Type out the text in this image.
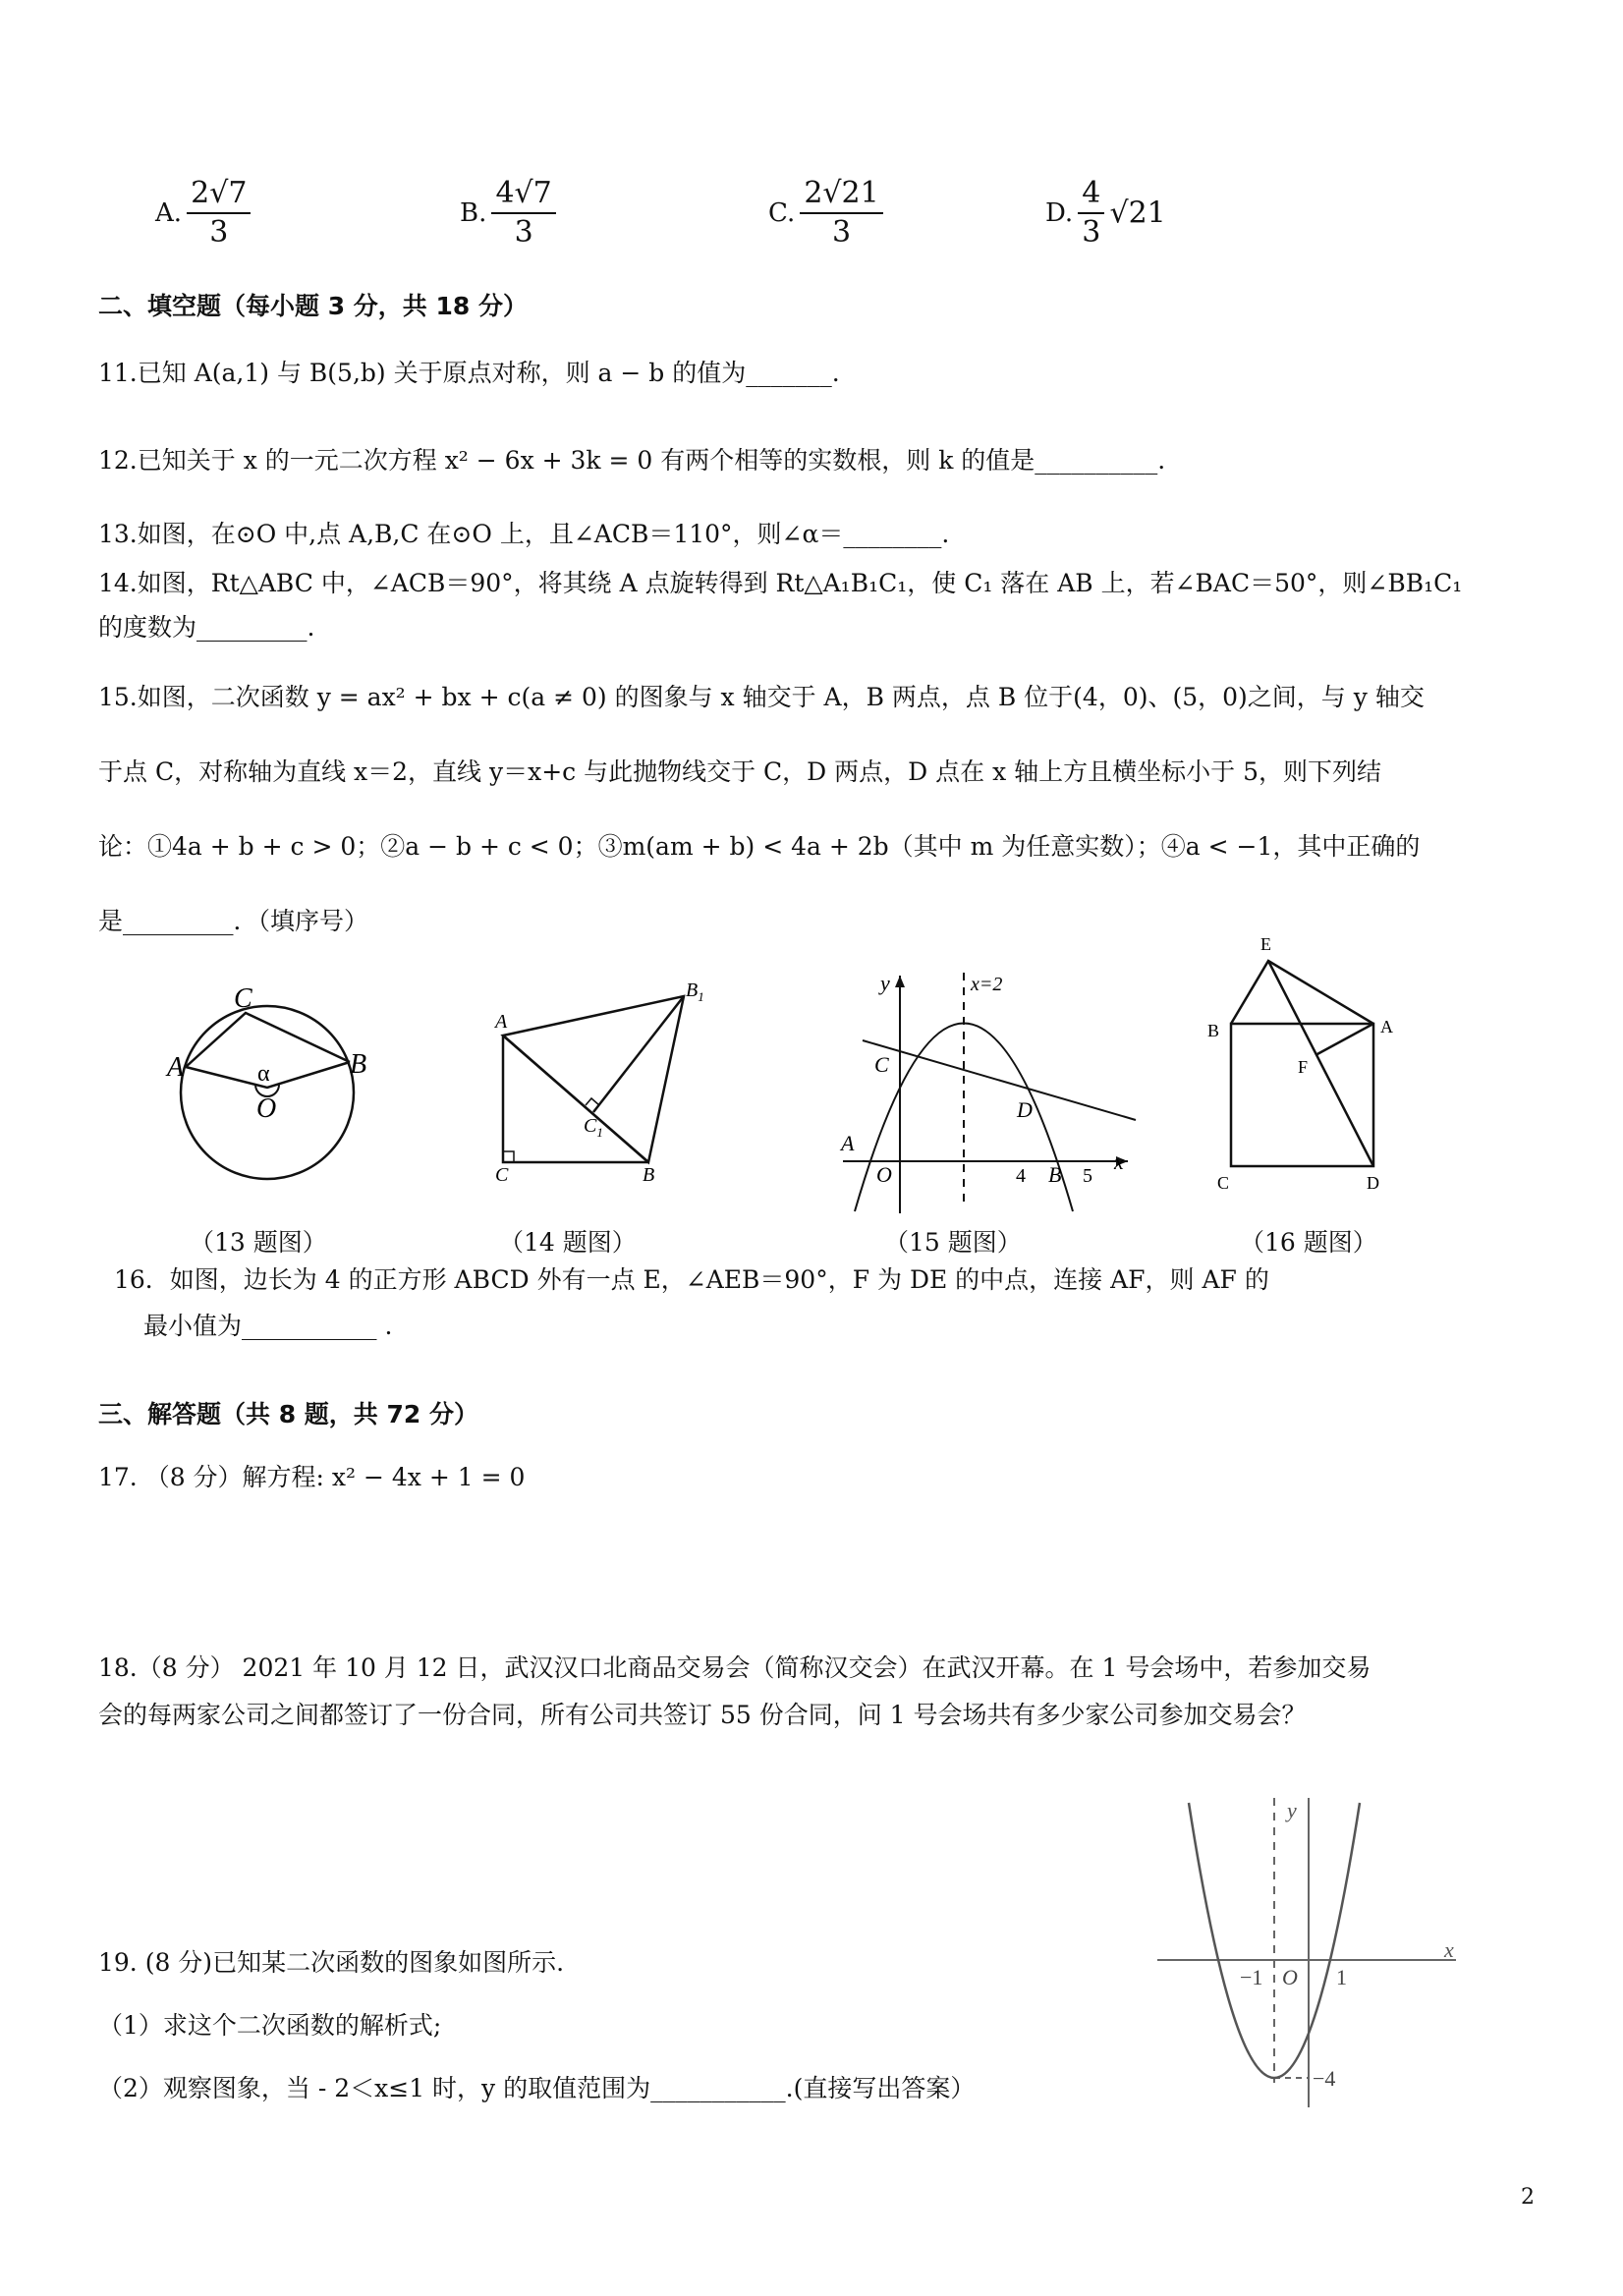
A. $\frac{2√7}{3}$	B. $\frac{4√7}{3}$	C. $\frac{2√21}{3}$	D. $\frac{4}{3} √21$
二、填空题（每小题 3 分，共 18 分）
11.已知 A(a,1) 与 B(5,b) 关于原点对称，则 a − b 的值为_______.
12.已知关于 x 的一元二次方程 x² − 6x + 3k = 0 有两个相等的实数根，则 k 的值是__________.
13.如图，在⊙O 中,点 A,B,C 在⊙O 上，且∠ACB＝110°，则∠α＝________.
14.如图，Rt△ABC 中，∠ACB＝90°，将其绕 A 点旋转得到 Rt△A₁B₁C₁，使 C₁ 落在 AB 上，若∠BAC＝50°，则∠BB₁C₁
的度数为_________.
15.如图，二次函数 y = ax² + bx + c(a ≠ 0) 的图象与 x 轴交于 A，B 两点，点 B 位于(4，0)、(5，0)之间，与 y 轴交
于点 C，对称轴为直线 x＝2，直线 y＝x+c 与此抛物线交于 C，D 两点，D 点在 x 轴上方且横坐标小于 5，则下列结
论：①4a + b + c > 0；②a − b + c < 0；③m(am + b) < 4a + 2b（其中 m 为任意实数）；④a < −1，其中正确的
是_________．（填序号）
C
A	B
α
O
（13 题图）
A
$B_1$
$C_1$
C	B
（14 题图）
y	x=2
C
D
A
O	4 B 5
x
（15 题图）
E
B	A
F
C	D
（16 题图）
16．如图，边长为 4 的正方形 ABCD 外有一点 E，∠AEB＝90°，F 为 DE 的中点，连接 AF，则 AF 的
最小值为___________ .
三、解答题（共 8 题，共 72 分）
17. （8 分）解方程: x² − 4x + 1 = 0
18.（8 分） 2021 年 10 月 12 日，武汉汉口北商品交易会（简称汉交会）在武汉开幕。在 1 号会场中，若参加交易
会的每两家公司之间都签订了一份合同，所有公司共签订 55 份合同，问 1 号会场共有多少家公司参加交易会？
19. (8 分)已知某二次函数的图象如图所示.
（1）求这个二次函数的解析式;
（2）观察图象，当 - 2＜x≤1 时，y 的取值范围为___________.(直接写出答案）
y
x
−1 O 1
−4
2
